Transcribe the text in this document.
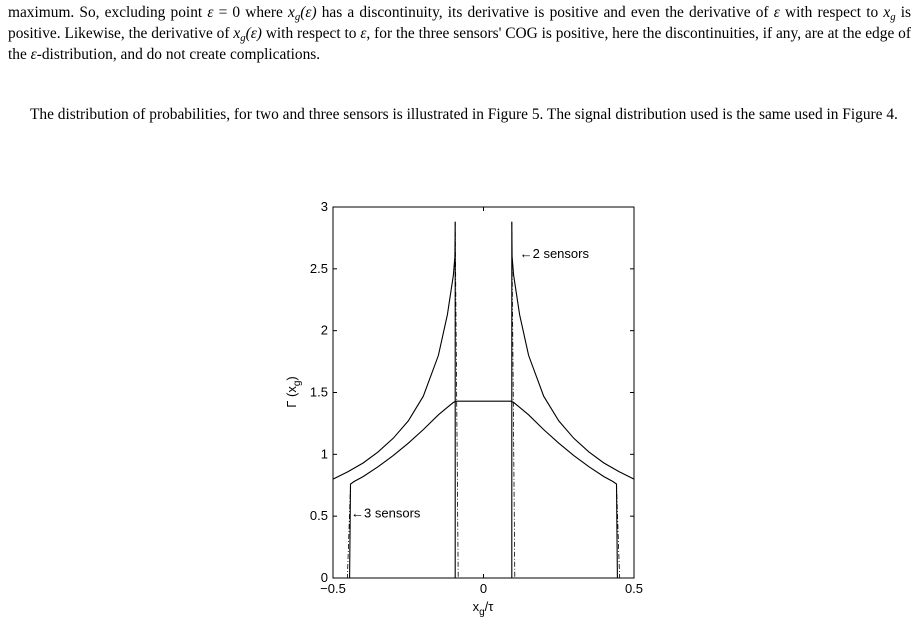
maximum. So, excluding point ε = 0 where $x_g(\varepsilon)$ has a discontinuity, its derivative is positive and even the derivative of ε with respect to $x_g$ is positive. Likewise, the derivative of $x_g(\varepsilon)$ with respect to ε, for the three sensors' COG is positive, here the discontinuities, if any, are at the edge of the ε-distribution, and do not create complications.

The distribution of probabilities, for two and three sensors is illustrated in Figure 5. The signal distribution used is the same used in Figure 4.

−0.5	0	0.5
0
0.5
1
1.5
2
2.5
3
←2 sensors
←3 sensors
$x_g/\tau$
Γ $(x_g)$
